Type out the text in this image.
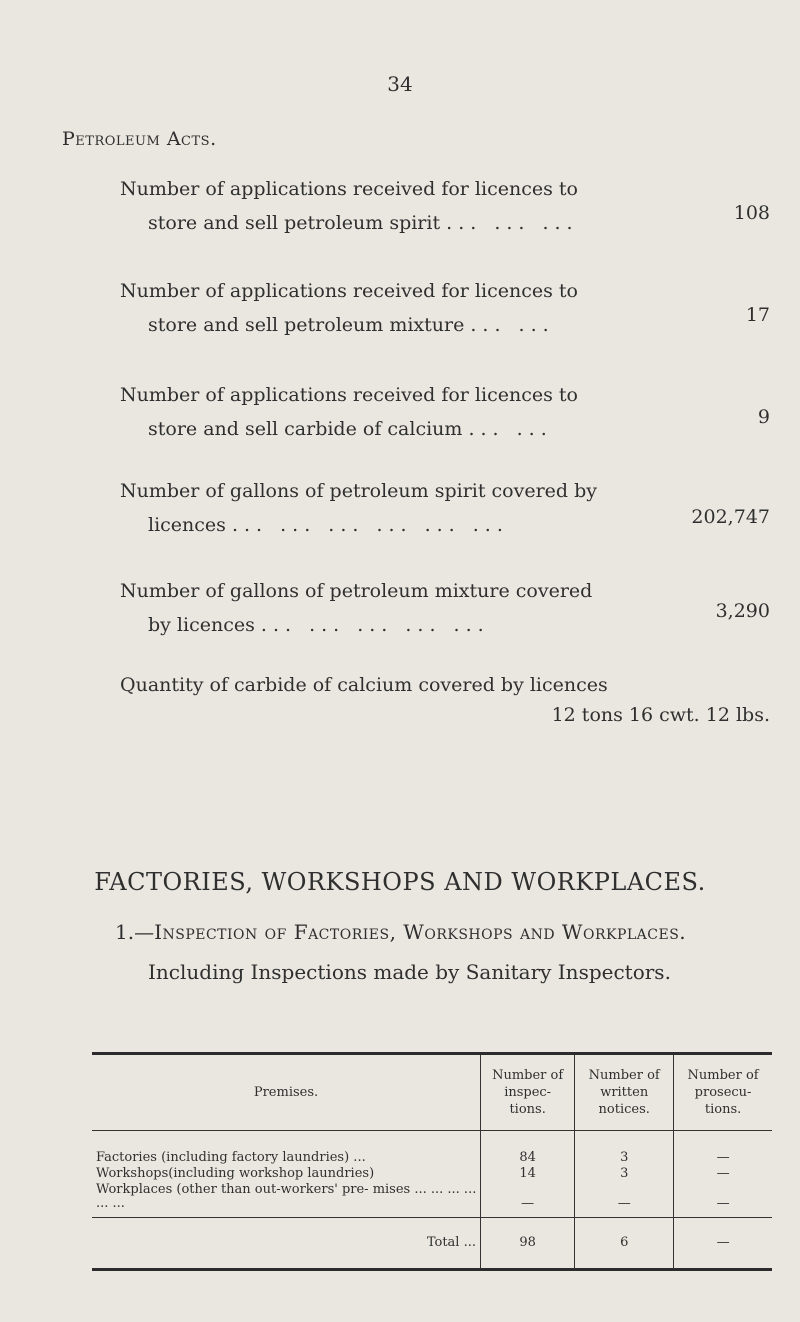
34
Petroleum Acts.
Number of applications received for licences to
store and sell petroleum spirit ... ... ...	108
Number of applications received for licences to
store and sell petroleum mixture ... ...	17
Number of applications received for licences to
store and sell carbide of calcium ... ...
9
Number of gallons of petroleum spirit covered by
licences ... ... ... ... ... ...	202,747
Number of gallons of petroleum mixture covered
by licences ... ... ... ... ...
3,290
Quantity of carbide of calcium covered by licences
12 tons 16 cwt. 12 lbs.
FACTORIES, WORKSHOPS AND WORKPLACES.
1.—Inspection of Factories, Workshops and Workplaces.
Including Inspections made by Sanitary Inspectors.
Premises.	Number of inspec- tions.	Number of written notices.	Number of prosecu- tions.
Factories (including factory laundries) ...	84	3	—
Workshops(including workshop laundries)	14	3	—
Workplaces (other than out-workers' pre- mises ... ... ... ... ... ...	—	—	—
Total ...	98	6	—
